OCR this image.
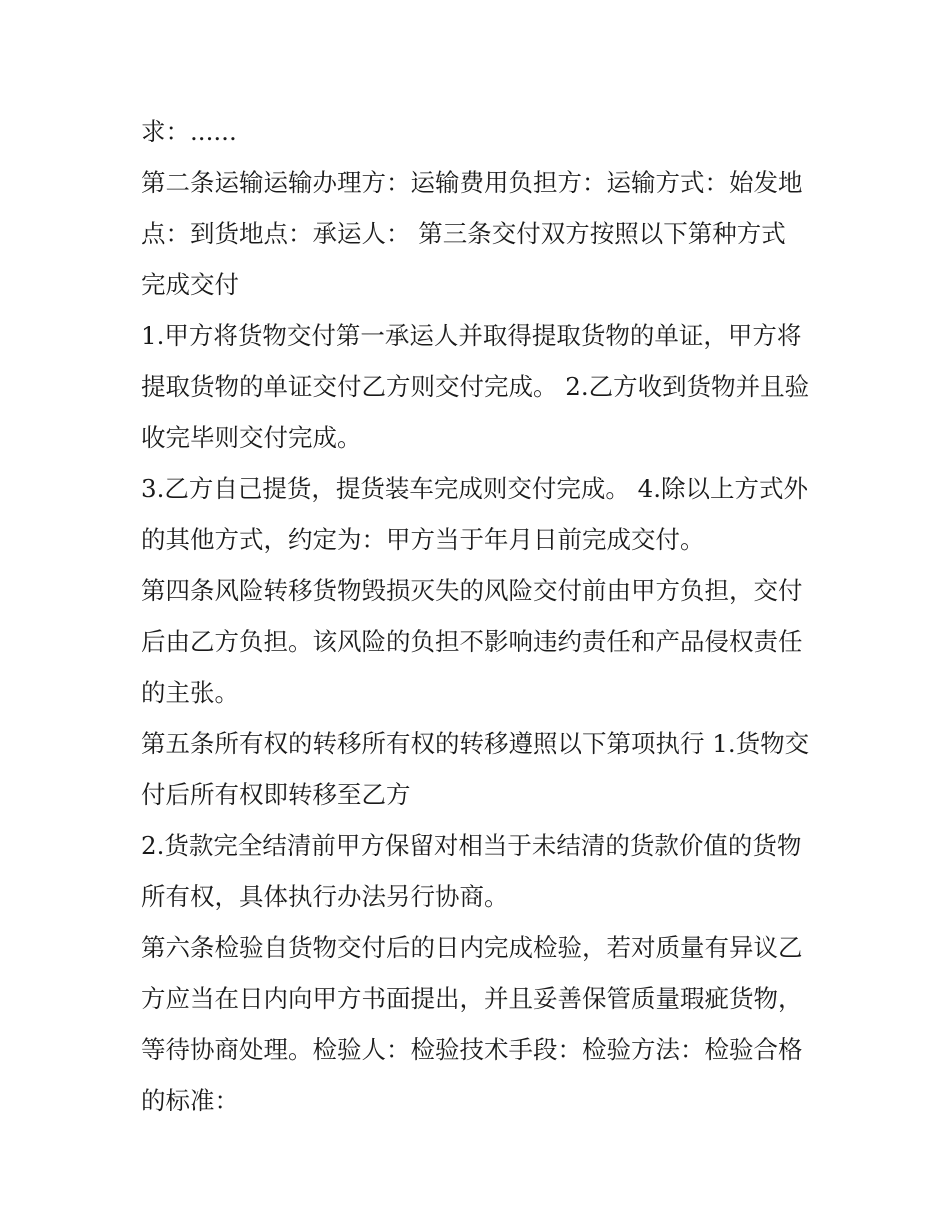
求：......

第二条运输运输办理方：运输费用负担方：运输方式：始发地
点：到货地点：承运人： 第三条交付双方按照以下第种方式
完成交付

1.甲方将货物交付第一承运人并取得提取货物的单证，甲方将
提取货物的单证交付乙方则交付完成。 2.乙方收到货物并且验
收完毕则交付完成。

3.乙方自己提货，提货装车完成则交付完成。 4.除以上方式外
的其他方式，约定为：甲方当于年月日前完成交付。

第四条风险转移货物毁损灭失的风险交付前由甲方负担，交付
后由乙方负担。该风险的负担不影响违约责任和产品侵权责任
的主张。

第五条所有权的转移所有权的转移遵照以下第项执行 1.货物交
付后所有权即转移至乙方

2.货款完全结清前甲方保留对相当于未结清的货款价值的货物
所有权，具体执行办法另行协商。

第六条检验自货物交付后的日内完成检验，若对质量有异议乙
方应当在日内向甲方书面提出，并且妥善保管质量瑕疵货物，
等待协商处理。检验人：检验技术手段：检验方法：检验合格
的标准：
